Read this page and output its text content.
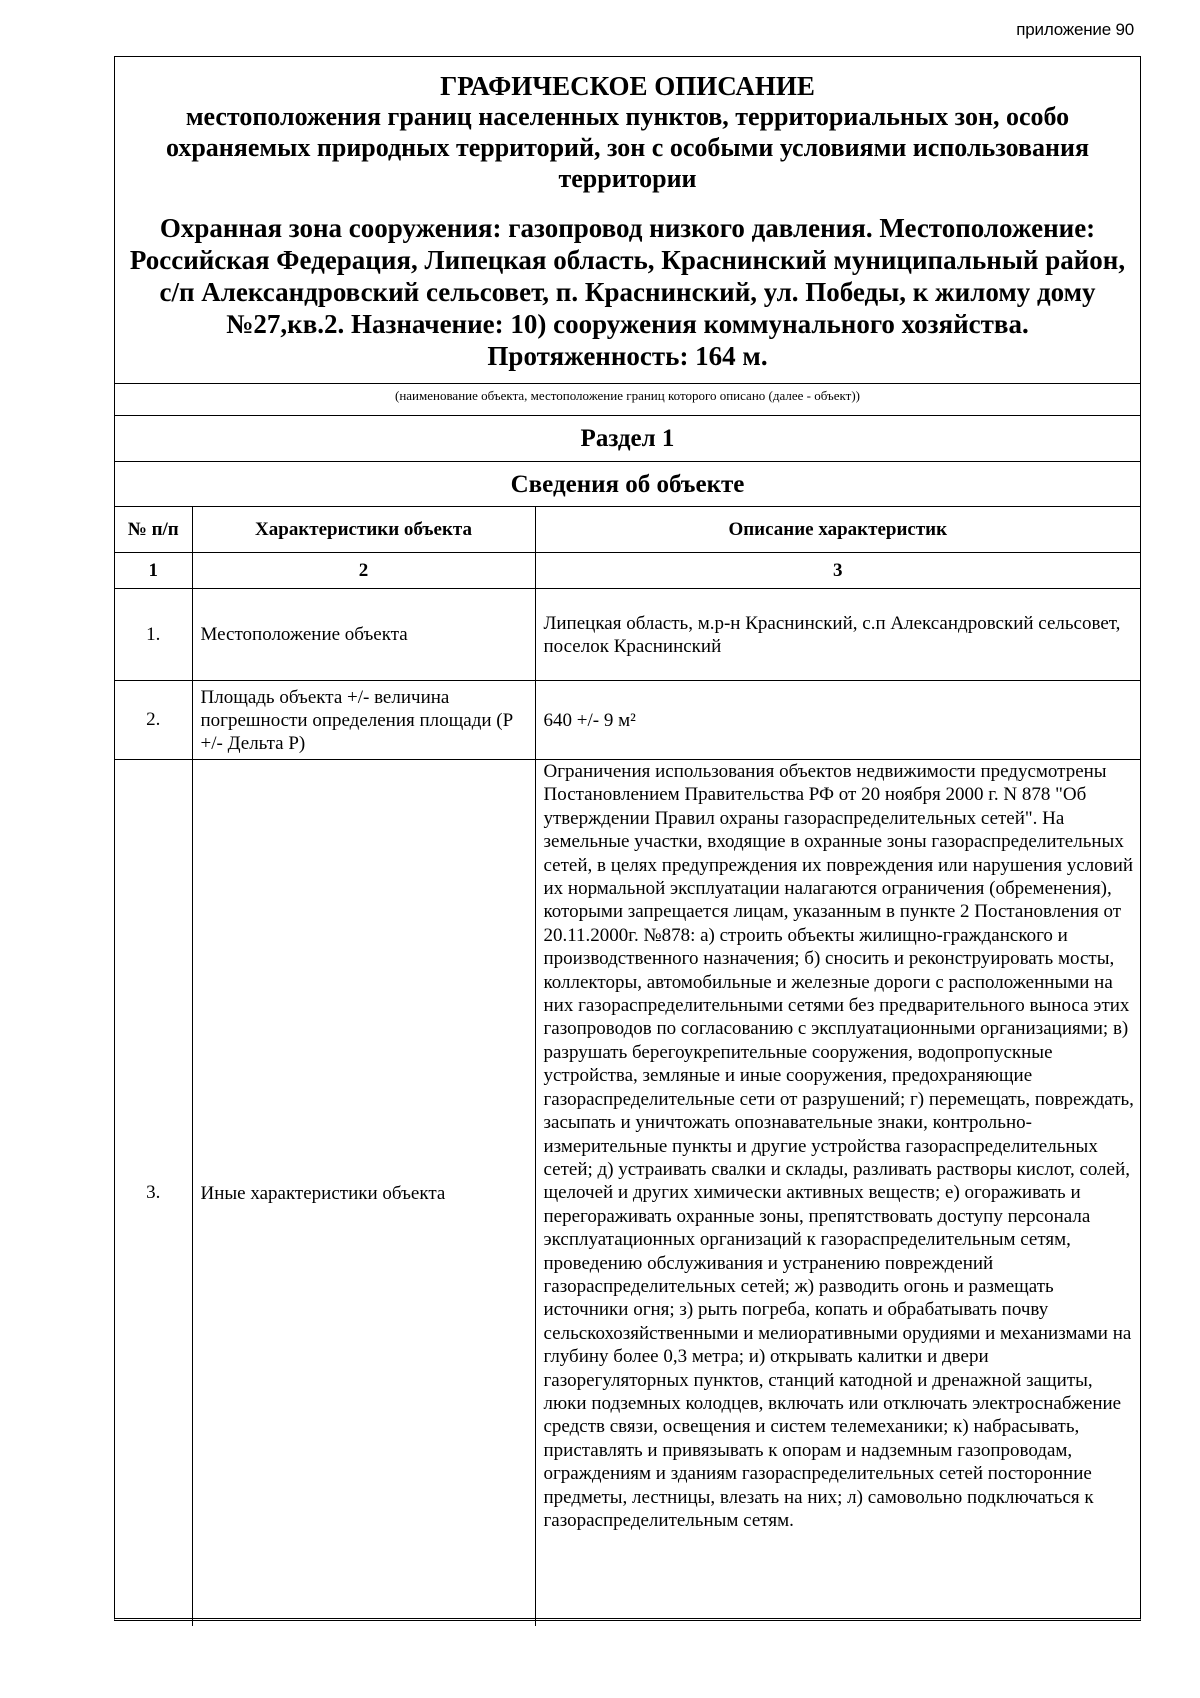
приложение 90
ГРАФИЧЕСКОЕ ОПИСАНИЕ
местоположения границ населенных пунктов, территориальных зон, особо охраняемых природных территорий, зон с особыми условиями использования территории
Охранная зона сооружения: газопровод низкого давления. Местоположение: Российская Федерация, Липецкая область, Краснинский муниципальный район, с/п Александровский сельсовет, п. Краснинский, ул. Победы, к жилому дому №27,кв.2. Назначение: 10) сооружения коммунального хозяйства. Протяженность: 164 м.
(наименование объекта, местоположение границ которого описано (далее - объект))
Раздел 1
Сведения об объекте
№ п/п	Характеристики объекта	Описание характеристик
1	2	3
1.	Местоположение объекта	Липецкая область, м.р-н Краснинский, с.п Александровский сельсовет, поселок Краснинский
2.	Площадь объекта +/- величина погрешности определения площади (Р +/- Дельта Р)	640 +/- 9 м²
3.	Иные характеристики объекта	Ограничения использования объектов недвижимости предусмотрены Постановлением Правительства РФ от 20 ноября 2000 г. N 878 "Об утверждении Правил охраны газораспределительных сетей". На земельные участки, входящие в охранные зоны газораспределительных сетей, в целях предупреждения их повреждения или нарушения условий их нормальной эксплуатации налагаются ограничения (обременения), которыми запрещается лицам, указанным в пункте 2 Постановления от 20.11.2000г. №878: а) строить объекты жилищно-гражданского и производственного назначения; б) сносить и реконструировать мосты, коллекторы, автомобильные и железные дороги с расположенными на них газораспределительными сетями без предварительного выноса этих газопроводов по согласованию с эксплуатационными организациями; в) разрушать берегоукрепительные сооружения, водопропускные устройства, земляные и иные сооружения, предохраняющие газораспределительные сети от разрушений; г) перемещать, повреждать, засыпать и уничтожать опознавательные знаки, контрольно-измерительные пункты и другие устройства газораспределительных сетей; д) устраивать свалки и склады, разливать растворы кислот, солей, щелочей и других химически активных веществ; е) огораживать и перегораживать охранные зоны, препятствовать доступу персонала эксплуатационных организаций к газораспределительным сетям, проведению обслуживания и устранению повреждений газораспределительных сетей; ж) разводить огонь и размещать источники огня; з) рыть погреба, копать и обрабатывать почву сельскохозяйственными и мелиоративными орудиями и механизмами на глубину более 0,3 метра; и) открывать калитки и двери газорегуляторных пунктов, станций катодной и дренажной защиты, люки подземных колодцев, включать или отключать электроснабжение средств связи, освещения и систем телемеханики; к) набрасывать, приставлять и привязывать к опорам и надземным газопроводам, ограждениям и зданиям газораспределительных сетей посторонние предметы, лестницы, влезать на них; л) самовольно подключаться к газораспределительным сетям.
